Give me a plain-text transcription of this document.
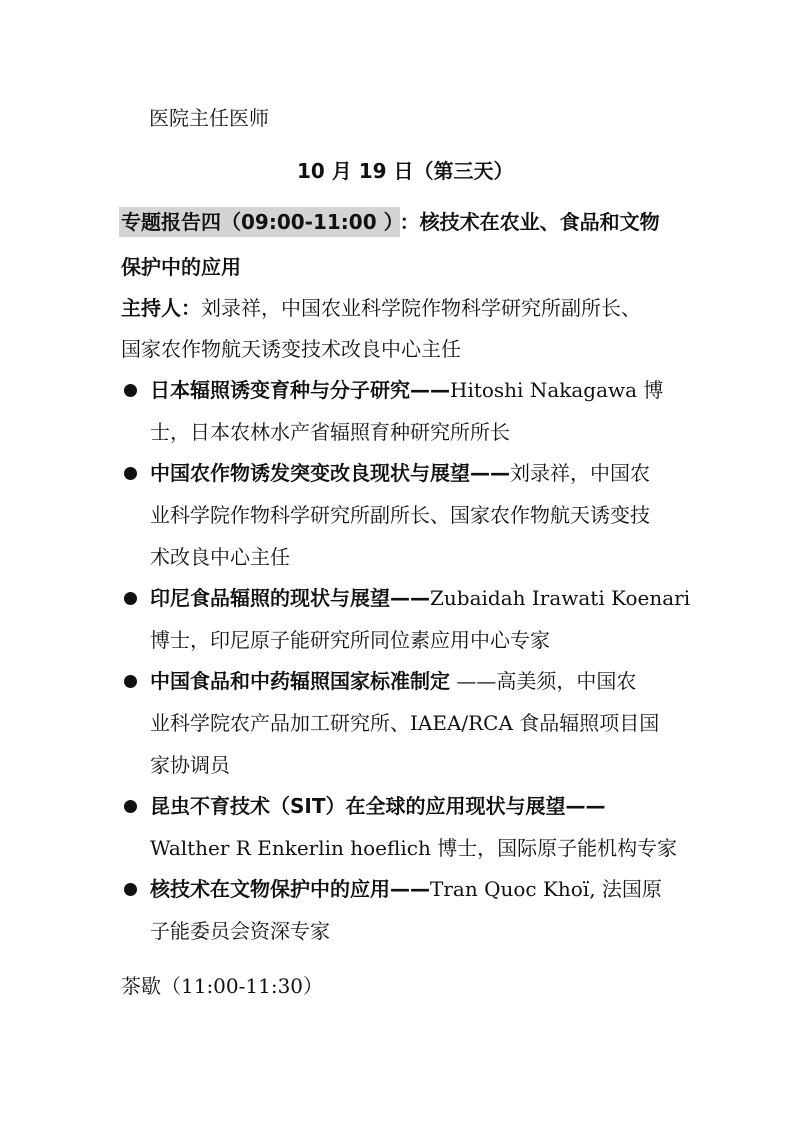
医院主任医师
10 月 19 日（第三天）
专题报告四（09:00-11:00 ） ：核技术在农业、食品和文物
保护中的应用
主持人：刘录祥，中国农业科学院作物科学研究所副所长、
国家农作物航天诱变技术改良中心主任
日本辐照诱变育种与分子研究——Hitoshi Nakagawa 博
士，日本农林水产省辐照育种研究所所长
中国农作物诱发突变改良现状与展望——刘录祥，中国农
业科学院作物科学研究所副所长、国家农作物航天诱变技
术改良中心主任
印尼食品辐照的现状与展望——Zubaidah Irawati Koenari
博士，印尼原子能研究所同位素应用中心专家
中国食品和中药辐照国家标准制定 ——高美须，中国农
业科学院农产品加工研究所、IAEA/RCA 食品辐照项目国
家协调员
昆虫不育技术（SIT）在全球的应用现状与展望——
Walther R Enkerlin hoeflich 博士，国际原子能机构专家
核技术在文物保护中的应用——Tran Quoc Khoï, 法国原
子能委员会资深专家
茶歇（11:00-11:30）
